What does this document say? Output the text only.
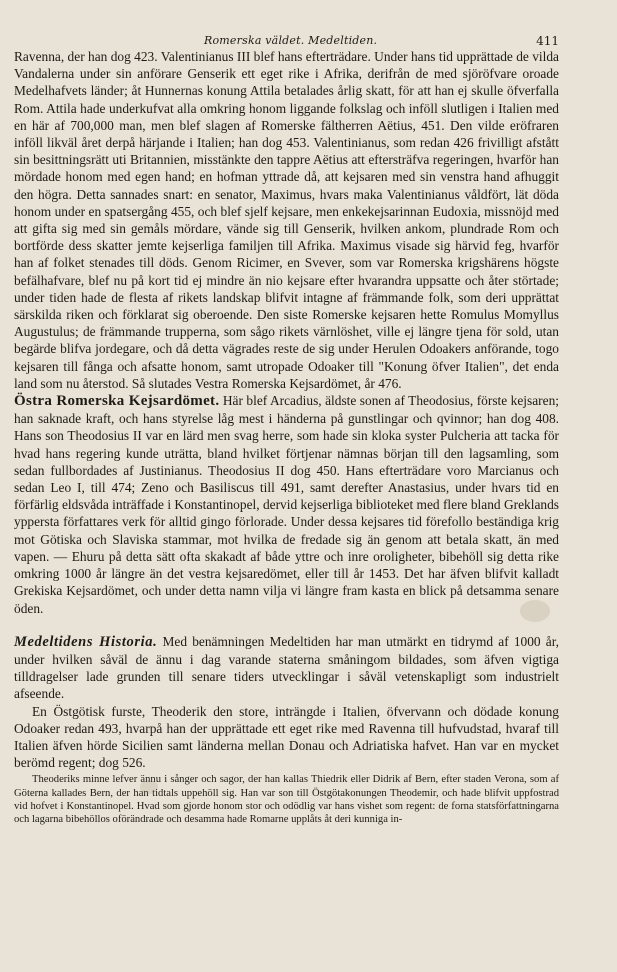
Romerska väldet. Medeltiden.	411

Ravenna, der han dog 423. Valentinianus III blef hans efterträdare. Under hans tid upprättade de vilda Vandalerna under sin anförare Genserik ett eget rike i Afrika, derifrån de med sjöröfvare oroade Medelhafvets länder; åt Hunnernas konung Attila betalades årlig skatt, för att han ej skulle öfverfalla Rom. Attila hade underkufvat alla omkring honom liggande folkslag och inföll slutligen i Italien med en här af 700,000 man, men blef slagen af Romerske fältherren Aëtius, 451. Den vilde eröfraren inföll likväl året derpå härjande i Italien; han dog 453. Valentinianus, som redan 426 frivilligt afstått sin besittningsrätt uti Britannien, misstänkte den tappre Aëtius att eftersträfva regeringen, hvarför han mördade honom med egen hand; en hofman yttrade då, att kejsaren med sin venstra hand afhuggit den högra. Detta sannades snart: en senator, Maximus, hvars maka Valentinianus våldfört, lät döda honom under en spatsergång 455, och blef sjelf kejsare, men enkekejsarinnan Eudoxia, missnöjd med att gifta sig med sin gemåls mördare, vände sig till Genserik, hvilken ankom, plundrade Rom och bortförde dess skatter jemte kejserliga familjen till Afrika. Maximus visade sig härvid feg, hvarför han af folket stenades till döds. Genom Ricimer, en Svever, som var Romerska krigshärens högste befälhafvare, blef nu på kort tid ej mindre än nio kejsare efter hvarandra uppsatte och åter störtade; under tiden hade de flesta af rikets landskap blifvit intagne af främmande folk, som deri upprättat särskilda riken och förklarat sig oberoende. Den siste Romerske kejsaren hette Romulus Momyllus Augustulus; de främmande trupperna, som sågo rikets värnlöshet, ville ej längre tjena för sold, utan begärde blifva jordegare, och då detta vägrades reste de sig under Herulen Odoakers anförande, togo kejsaren till fånga och afsatte honom, samt utropade Odoaker till "Konung öfver Italien", det enda land som nu återstod. Så slutades Vestra Romerska Kejsardömet, år 476.

Östra Romerska Kejsardömet. Här blef Arcadius, äldste sonen af Theodosius, förste kejsaren; han saknade kraft, och hans styrelse låg mest i händerna på gunstlingar och qvinnor; han dog 408. Hans son Theodosius II var en lärd men svag herre, som hade sin kloka syster Pulcheria att tacka för hvad hans regering kunde uträtta, bland hvilket förtjenar nämnas början till den lagsamling, som sedan fullbordades af Justinianus. Theodosius II dog 450. Hans efterträdare voro Marcianus och sedan Leo I, till 474; Zeno och Basiliscus till 491, samt derefter Anastasius, under hvars tid en förfärlig eldsvåda inträffade i Konstantinopel, dervid kejserliga biblioteket med flere bland Greklands yppersta författares verk för alltid gingo förlorade. Under dessa kejsares tid förefollo beständiga krig mot Götiska och Slaviska stammar, mot hvilka de fredade sig än genom att betala skatt, än med vapen. — Ehuru på detta sätt ofta skakadt af både yttre och inre oroligheter, bibehöll sig detta rike omkring 1000 år längre än det vestra kejsaredömet, eller till år 1453. Det har äfven blifvit kalladt Grekiska Kejsardömet, och under detta namn vilja vi längre fram kasta en blick på detsamma senare öden.

Medeltidens Historia. Med benämningen Medeltiden har man utmärkt en tidrymd af 1000 år, under hvilken såväl de ännu i dag varande staterna småningom bildades, som äfven vigtiga tilldragelser lade grunden till senare tiders utvecklingar i såväl vetenskapligt som industrielt afseende.

En Östgötisk furste, Theoderik den store, inträngde i Italien, öfvervann och dödade konung Odoaker redan 493, hvarpå han der upprättade ett eget rike med Ravenna till hufvudstad, hvaraf till Italien äfven hörde Sicilien samt länderna mellan Donau och Adriatiska hafvet. Han var en mycket berömd regent; dog 526.

Theoderiks minne lefver ännu i sånger och sagor, der han kallas Thiedrik eller Didrik af Bern, efter staden Verona, som af Göterna kallades Bern, der han tidtals uppehöll sig. Han var son till Östgötakonungen Theodemir, och hade blifvit uppfostrad vid hofvet i Konstantinopel. Hvad som gjorde honom stor och odödlig var hans vishet som regent: de forna statsförfattningarna och lagarna bibehöllos oförändrade och desamma hade Romarne upplåts åt deri kunniga in-
